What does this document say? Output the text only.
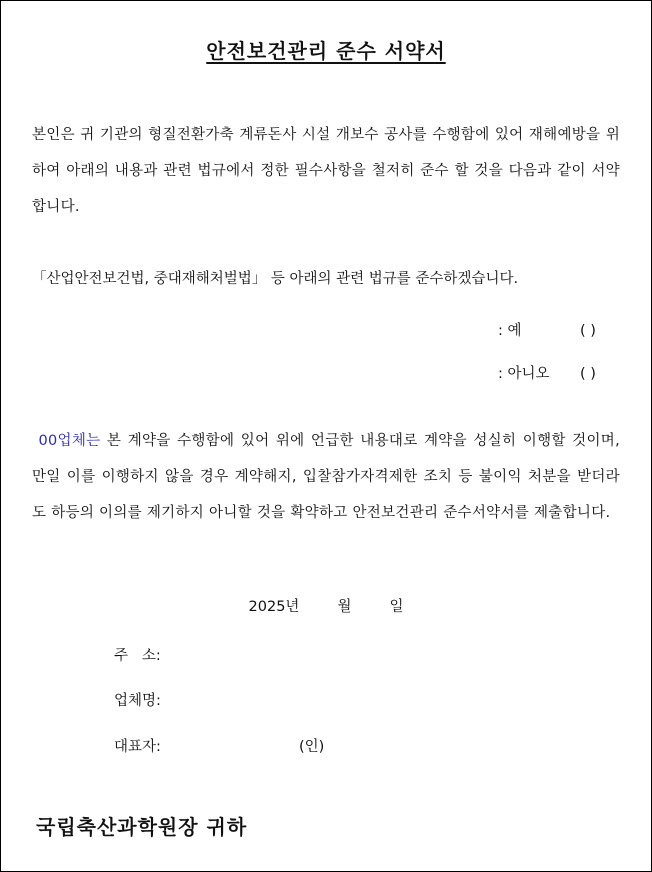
안전보건관리 준수 서약서
본인은 귀 기관의 형질전환가축 계류돈사 시설 개보수 공사를 수행함에 있어 재해예방을 위하여 아래의 내용과 관련 법규에서 정한 필수사항을 철저히 준수 할 것을 다음과 같이 서약합니다.
「산업안전보건법, 중대재해처벌법」 등 아래의 관련 법규를 준수하겠습니다.
: 예	( )
: 아니오 ( )
00업체는 본 계약을 수행함에 있어 위에 언급한 내용대로 계약을 성실히 이행할 것이며, 만일 이를 이행하지 않을 경우 계약해지, 입찰참가자격제한 조치 등 불이익 처분을 받더라도 하등의 이의를 제기하지 아니할 것을 확약하고 안전보건관리 준수서약서를 제출합니다.
2025년	월	일
주   소:
업체명:
대표자:	(인)
국립축산과학원장 귀하
